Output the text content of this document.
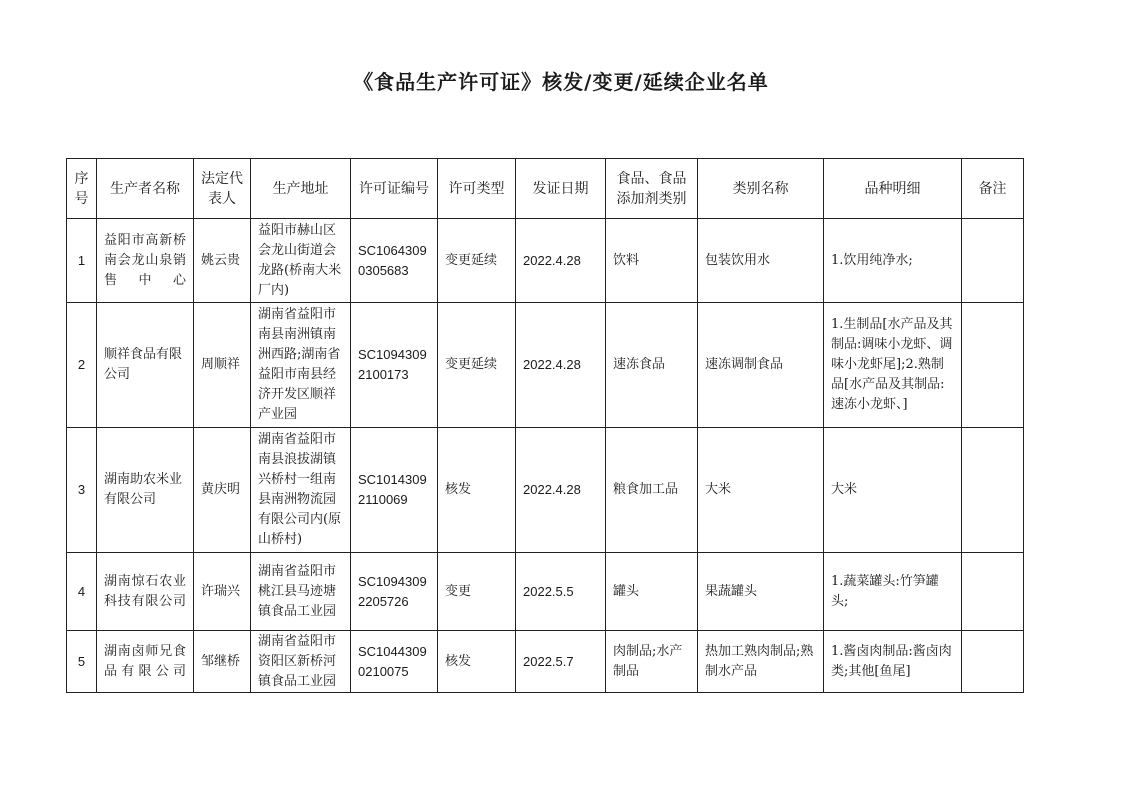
《食品生产许可证》核发/变更/延续企业名单
序号	生产者名称	法定代表人	生产地址	许可证编号	许可类型	发证日期	食品、食品添加剂类别	类别名称	品种明细	备注
1	益阳市高新桥南会龙山泉销售中心	姚云贵	益阳市赫山区会龙山街道会龙路(桥南大米厂内)	SC10643090305683	变更延续	2022.4.28	饮料	包装饮用水	1.饮用纯净水;	
2	顺祥食品有限公司	周顺祥	湖南省益阳市南县南洲镇南洲西路;湖南省益阳市南县经济开发区顺祥产业园	SC10943092100173	变更延续	2022.4.28	速冻食品	速冻调制食品	1.生制品[水产品及其制品:调味小龙虾、调味小龙虾尾];2.熟制品[水产品及其制品:速冻小龙虾、]	
3	湖南助农米业有限公司	黄庆明	湖南省益阳市南县浪拔湖镇兴桥村一组南县南洲物流园有限公司内(原山桥村)	SC10143092110069	核发	2022.4.28	粮食加工品	大米	大米	
4	湖南惊石农业科技有限公司	许瑞兴	湖南省益阳市桃江县马迹塘镇食品工业园	SC10943092205726	变更	2022.5.5	罐头	果蔬罐头	1.蔬菜罐头:竹笋罐头;	
5	湖南卤师兄食品有限公司	邹继桥	湖南省益阳市资阳区新桥河镇食品工业园	SC10443090210075	核发	2022.5.7	肉制品;水产制品	热加工熟肉制品;熟制水产品	1.酱卤肉制品:酱卤肉类;其他[鱼尾]	
